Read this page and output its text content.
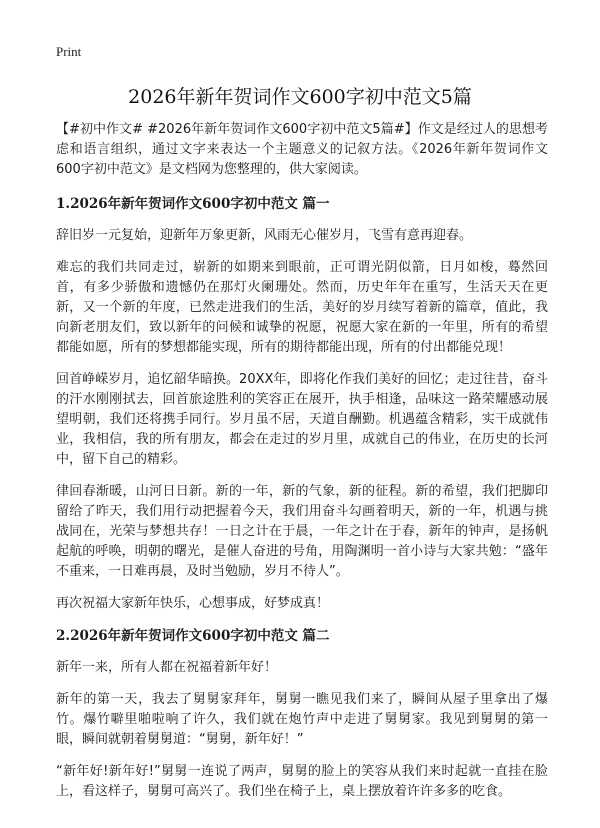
Print
2026年新年贺词作文600字初中范文5篇

【#初中作文# #2026年新年贺词作文600字初中范文5篇#】作文是经过人的思想考虑和语言组织，通过文字来表达一个主题意义的记叙方法。《2026年新年贺词作文600字初中范文》是文档网为您整理的，供大家阅读。

1.2026年新年贺词作文600字初中范文 篇一

辞旧岁一元复始，迎新年万象更新，风雨无心催岁月，飞雪有意再迎春。

难忘的我们共同走过，崭新的如期来到眼前，正可谓光阴似箭，日月如梭，蓦然回首，有多少骄傲和遗憾仍在那灯火阑珊处。然而，历史年年在重写，生活天天在更新，又一个新的年度，已然走进我们的生活，美好的岁月续写着新的篇章，值此，我向新老朋友们，致以新年的问候和诚挚的祝愿，祝愿大家在新的一年里，所有的希望都能如愿，所有的梦想都能实现，所有的期待都能出现，所有的付出都能兑现！

回首峥嵘岁月，追忆韶华暗换。20XX年，即将化作我们美好的回忆；走过往昔，奋斗的汗水刚刚拭去，回首旅途胜利的笑容正在展开，执手相逢，品味这一路荣耀感动展望明朝，我们还将携手同行。岁月虽不居，天道自酬勤。机遇蕴含精彩，实干成就伟业，我相信，我的所有朋友，都会在走过的岁月里，成就自己的伟业，在历史的长河中，留下自己的精彩。

律回春渐暖，山河日日新。新的一年，新的气象，新的征程。新的希望，我们把脚印留给了昨天，我们用行动把握着今天，我们用奋斗勾画着明天，新的一年，机遇与挑战同在，光荣与梦想共存！一日之计在于晨，一年之计在于春，新年的钟声，是扬帆起航的呼唤，明朝的曙光，是催人奋进的号角，用陶渊明一首小诗与大家共勉：“盛年不重来，一日难再晨，及时当勉励，岁月不待人”。

再次祝福大家新年快乐，心想事成，好梦成真！

2.2026年新年贺词作文600字初中范文 篇二

新年一来，所有人都在祝福着新年好！

新年的第一天，我去了舅舅家拜年，舅舅一瞧见我们来了，瞬间从屋子里拿出了爆竹。爆竹噼里啪啦响了许久，我们就在炮竹声中走进了舅舅家。我见到舅舅的第一眼，瞬间就朝着舅舅道：“舅舅，新年好！”

“新年好!新年好!”舅舅一连说了两声，舅舅的脸上的笑容从我们来时起就一直挂在脸上，看这样子，舅舅可高兴了。我们坐在椅子上，桌上摆放着许许多多的吃食。
